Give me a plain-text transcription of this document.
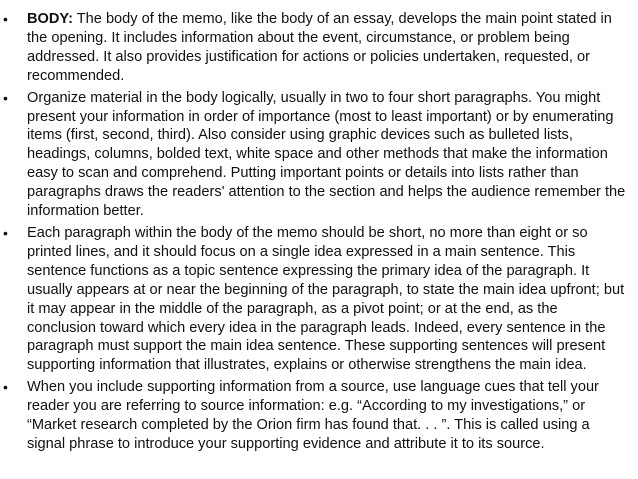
• BODY: The body of the memo, like the body of an essay, develops the main point stated in the opening. It includes information about the event, circumstance, or problem being addressed. It also provides justification for actions or policies undertaken, requested, or recommended.
• Organize material in the body logically, usually in two to four short paragraphs. You might present your information in order of importance (most to least important) or by enumerating items (first, second, third). Also consider using graphic devices such as bulleted lists, headings, columns, bolded text, white space and other methods that make the information easy to scan and comprehend. Putting important points or details into lists rather than paragraphs draws the readers' attention to the section and helps the audience remember the information better.
• Each paragraph within the body of the memo should be short, no more than eight or so printed lines, and it should focus on a single idea expressed in a main sentence. This sentence functions as a topic sentence expressing the primary idea of the paragraph. It usually appears at or near the beginning of the paragraph, to state the main idea upfront; but it may appear in the middle of the paragraph, as a pivot point; or at the end, as the conclusion toward which every idea in the paragraph leads. Indeed, every sentence in the paragraph must support the main idea sentence. These supporting sentences will present supporting information that illustrates, explains or otherwise strengthens the main idea.
• When you include supporting information from a source, use language cues that tell your reader you are referring to source information: e.g. “According to my investigations,” or “Market research completed by the Orion firm has found that. . . ”. This is called using a signal phrase to introduce your supporting evidence and attribute it to its source.
